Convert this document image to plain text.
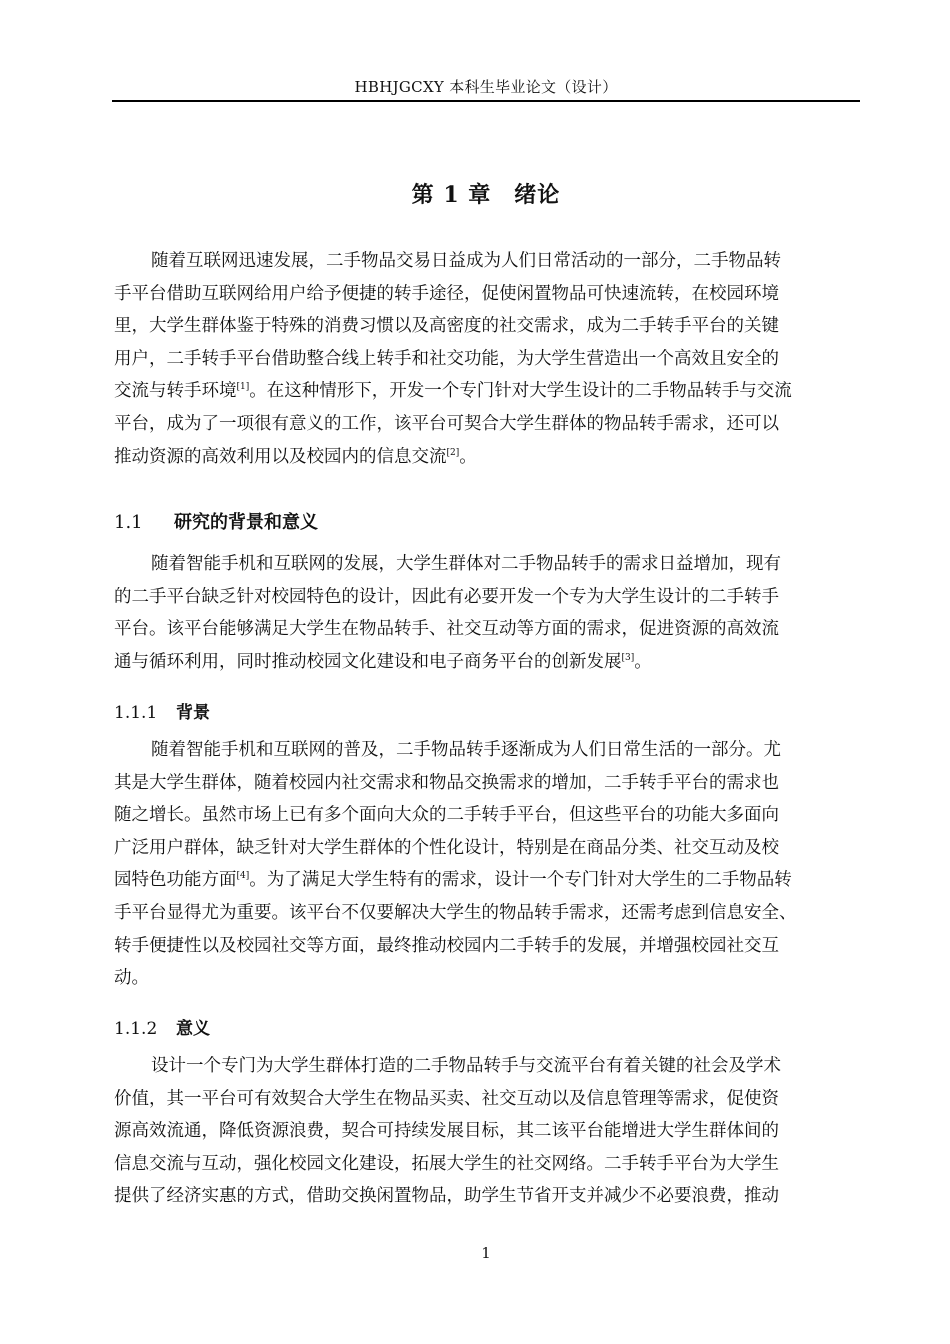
HBHJGCXY 本科生毕业论文（设计）
第 1 章　绪论
随着互联网迅速发展，二手物品交易日益成为人们日常活动的一部分，二手物品转
手平台借助互联网给用户给予便捷的转手途径，促使闲置物品可快速流转，在校园环境
里，大学生群体鉴于特殊的消费习惯以及高密度的社交需求，成为二手转手平台的关键
用户，二手转手平台借助整合线上转手和社交功能，为大学生营造出一个高效且安全的
交流与转手环境[1]。在这种情形下，开发一个专门针对大学生设计的二手物品转手与交流
平台，成为了一项很有意义的工作，该平台可契合大学生群体的物品转手需求，还可以
推动资源的高效利用以及校园内的信息交流[2]。
1.1 研究的背景和意义
随着智能手机和互联网的发展，大学生群体对二手物品转手的需求日益增加，现有
的二手平台缺乏针对校园特色的设计，因此有必要开发一个专为大学生设计的二手转手
平台。该平台能够满足大学生在物品转手、社交互动等方面的需求，促进资源的高效流
通与循环利用，同时推动校园文化建设和电子商务平台的创新发展[3]。
1.1.1 背景
随着智能手机和互联网的普及，二手物品转手逐渐成为人们日常生活的一部分。尤
其是大学生群体，随着校园内社交需求和物品交换需求的增加，二手转手平台的需求也
随之增长。虽然市场上已有多个面向大众的二手转手平台，但这些平台的功能大多面向
广泛用户群体，缺乏针对大学生群体的个性化设计，特别是在商品分类、社交互动及校
园特色功能方面[4]。为了满足大学生特有的需求，设计一个专门针对大学生的二手物品转
手平台显得尤为重要。该平台不仅要解决大学生的物品转手需求，还需考虑到信息安全、
转手便捷性以及校园社交等方面，最终推动校园内二手转手的发展，并增强校园社交互
动。
1.1.2 意义
设计一个专门为大学生群体打造的二手物品转手与交流平台有着关键的社会及学术
价值，其一平台可有效契合大学生在物品买卖、社交互动以及信息管理等需求，促使资
源高效流通，降低资源浪费，契合可持续发展目标，其二该平台能增进大学生群体间的
信息交流与互动，强化校园文化建设，拓展大学生的社交网络。二手转手平台为大学生
提供了经济实惠的方式，借助交换闲置物品，助学生节省开支并减少不必要浪费，推动
1
